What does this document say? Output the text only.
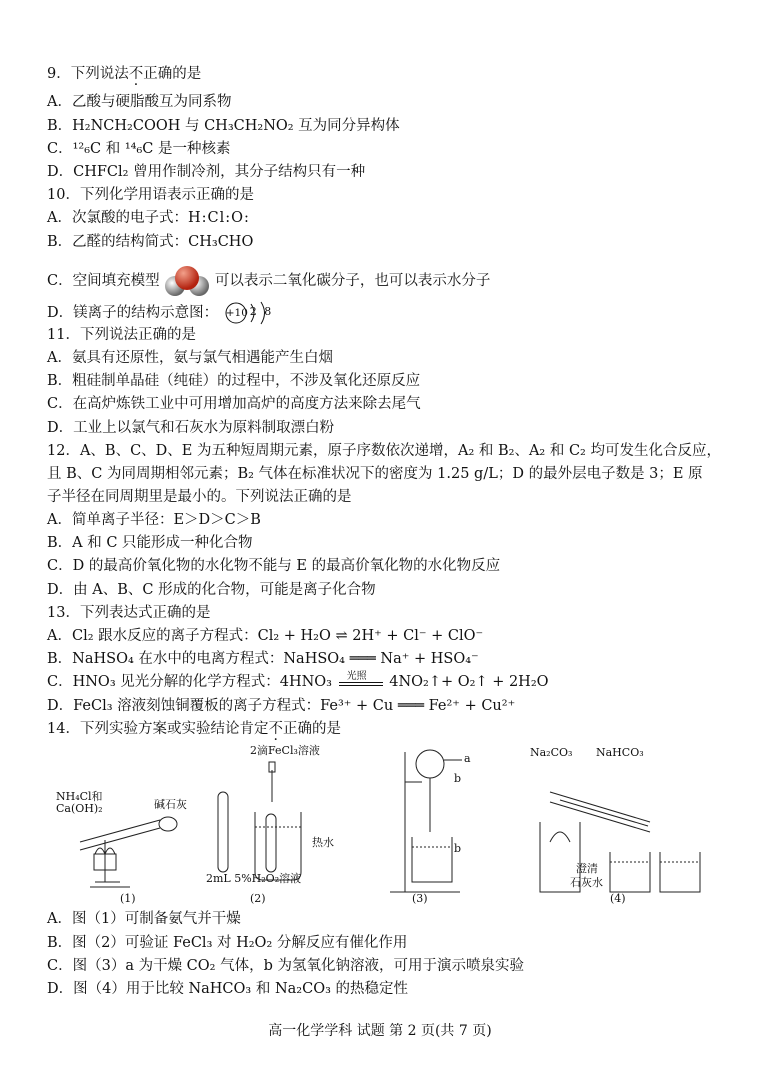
9．下列说法不正确的是
A．乙酸与硬脂酸互为同系物
B．H₂NCH₂COOH 与 CH₃CH₂NO₂ 互为同分异构体
C．¹²₆C 和 ¹⁴₆C 是一种核素
D．CHFCl₂ 曾用作制冷剂，其分子结构只有一种
10．下列化学用语表示正确的是
A．次氯酸的电子式：H:Cl:O:
B．乙醛的结构简式：CH₃CHO
C．空间填充模型	可以表示二氧化碳分子，也可以表示水分子
D．镁离子的结构示意图： +10 2 8
11．下列说法正确的是
A．氨具有还原性，氨与氯气相遇能产生白烟
B．粗硅制单晶硅（纯硅）的过程中，不涉及氧化还原反应
C．在高炉炼铁工业中可用增加高炉的高度方法来除去尾气
D．工业上以氯气和石灰水为原料制取漂白粉
12．A、B、C、D、E 为五种短周期元素，原子序数依次递增，A₂ 和 B₂、A₂ 和 C₂ 均可发生化合反应，
且 B、C 为同周期相邻元素；B₂ 气体在标准状况下的密度为 1.25 g/L；D 的最外层电子数是 3；E 原
子半径在同周期里是最小的。下列说法正确的是
A．简单离子半径：E＞D＞C＞B
B．A 和 C 只能形成一种化合物
C．D 的最高价氧化物的水化物不能与 E 的最高价氧化物的水化物反应
D．由 A、B、C 形成的化合物，可能是离子化合物
13．下列表达式正确的是
A．Cl₂ 跟水反应的离子方程式：Cl₂ + H₂O ⇌ 2H⁺ + Cl⁻ + ClO⁻
B．NaHSO₄ 在水中的电离方程式：NaHSO₄ ═══ Na⁺ + HSO₄⁻
C．HNO₃ 见光分解的化学方程式：4HNO₃ 光照 4NO₂↑+ O₂↑ + 2H₂O
D．FeCl₃ 溶液刻蚀铜覆板的离子方程式：Fe³⁺ + Cu ═══ Fe²⁺ + Cu²⁺
14．下列实验方案或实验结论肯定不正确的是
NH₄Cl和
Ca(OH)₂	碱石灰
(1)
2滴FeCl₃溶液
热水
2mL 5%H₂O₂溶液
(2)
a
b
b
(3)
Na₂CO₃ NaHCO₃
澄清
石灰水
(4)
A．图（1）可制备氨气并干燥
B．图（2）可验证 FeCl₃ 对 H₂O₂ 分解反应有催化作用
C．图（3）a 为干燥 CO₂ 气体，b 为氢氧化钠溶液，可用于演示喷泉实验
D．图（4）用于比较 NaHCO₃ 和 Na₂CO₃ 的热稳定性
高一化学学科 试题 第 2 页(共 7 页)
